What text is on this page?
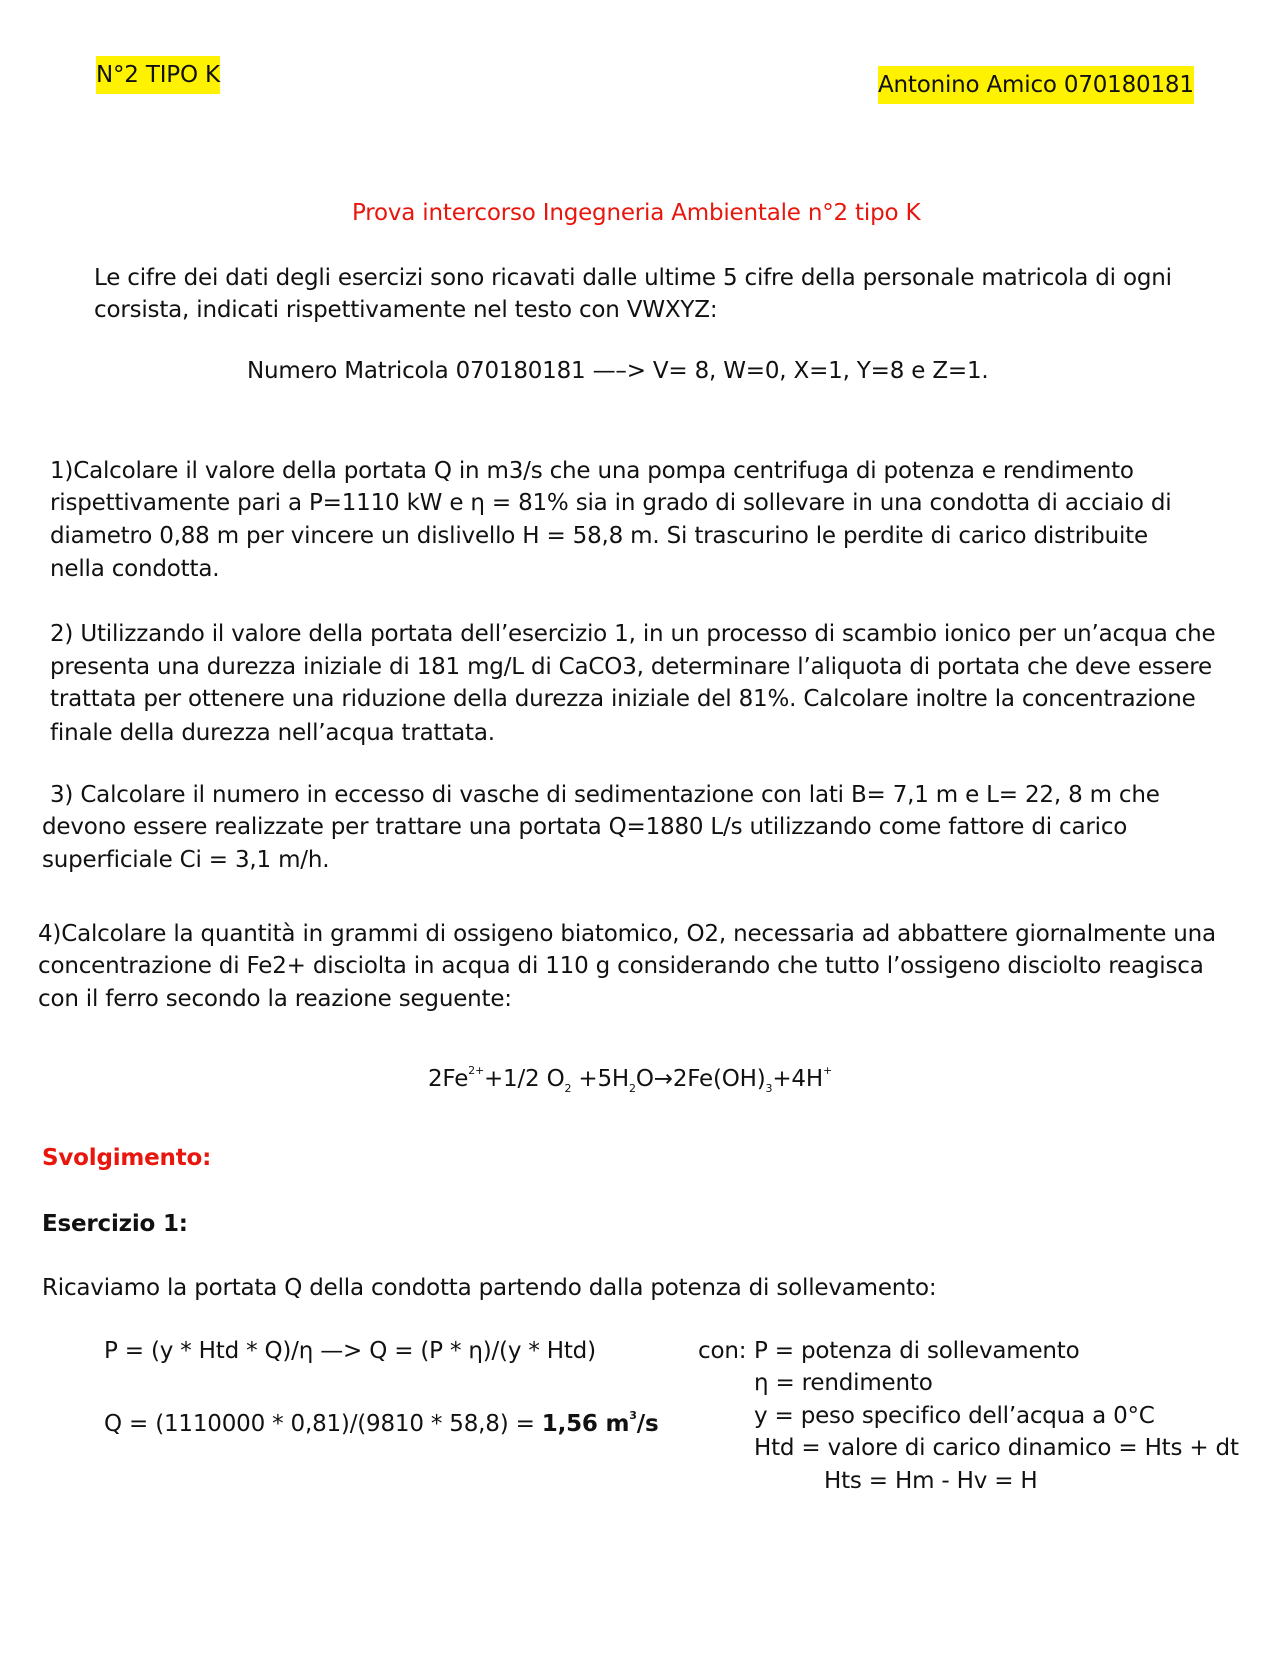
N°2 TIPO K	Antonino Amico 070180181
Prova intercorso Ingegneria Ambientale n°2 tipo K
Le cifre dei dati degli esercizi sono ricavati dalle ultime 5 cifre della personale matricola di ogni
corsista, indicati rispettivamente nel testo con VWXYZ:
Numero Matricola 070180181 —–> V= 8, W=0, X=1, Y=8 e Z=1.
1)Calcolare il valore della portata Q in m3/s che una pompa centrifuga di potenza e rendimento
rispettivamente pari a P=1110 kW e η = 81% sia in grado di sollevare in una condotta di acciaio di
diametro 0,88 m per vincere un dislivello H = 58,8 m. Si trascurino le perdite di carico distribuite
nella condotta.
2) Utilizzando il valore della portata dell’esercizio 1, in un processo di scambio ionico per un’acqua che
presenta una durezza iniziale di 181 mg/L di CaCO3, determinare l’aliquota di portata che deve essere
trattata per ottenere una riduzione della durezza iniziale del 81%. Calcolare inoltre la concentrazione
finale della durezza nell’acqua trattata.
3) Calcolare il numero in eccesso di vasche di sedimentazione con lati B= 7,1 m e L= 22, 8 m che
devono essere realizzate per trattare una portata Q=1880 L/s utilizzando come fattore di carico
superficiale Ci = 3,1 m/h.
4)Calcolare la quantità in grammi di ossigeno biatomico, O2, necessaria ad abbattere giornalmente una
concentrazione di Fe2+ disciolta in acqua di 110 g considerando che tutto l’ossigeno disciolto reagisca
con il ferro secondo la reazione seguente:
$2Fe^{2+}+1/2$ $O_2 +5H_2O\to 2Fe(OH)_3+4H^+$
Svolgimento:
Esercizio 1:
Ricaviamo la portata Q della condotta partendo dalla potenza di sollevamento:
P = (y * Htd * Q)/η —> Q = (P * η)/(y * Htd)
Q = (1110000 * 0,81)/(9810 * 58,8) = 1,56 $m^3/s$
con: P = potenza di sollevamento
η = rendimento
y = peso specifico dell’acqua a 0°C
Htd = valore di carico dinamico = Hts + dt
Hts = Hm - Hv = H
